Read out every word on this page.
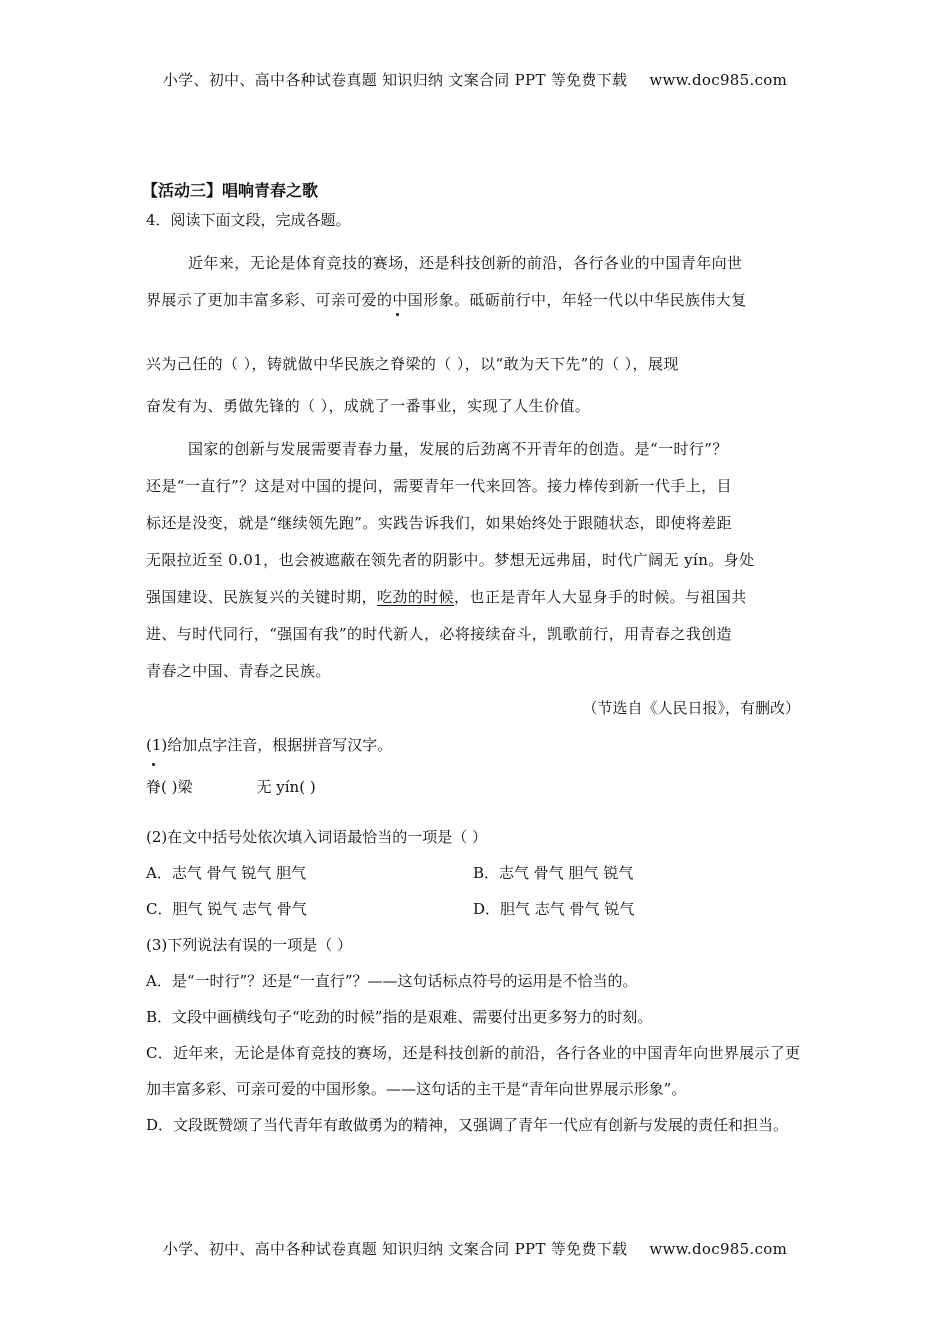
小学、初中、高中各种试卷真题 知识归纳 文案合同 PPT 等免费下载 www.doc985.com
【活动三】唱响青春之歌
4．阅读下面文段，完成各题。
近年来，无论是体育竞技的赛场，还是科技创新的前沿，各行各业的中国青年向世
界展示了更加丰富多彩、可亲可爱的中国形象。砥砺前行中，年轻一代以中华民族伟大复
兴为己任的（ ），铸就做中华民族之脊梁的（ ），以“敢为天下先”的（ ），展现
奋发有为、勇做先锋的（ ），成就了一番事业，实现了人生价值。
国家的创新与发展需要青春力量，发展的后劲离不开青年的创造。是“一时行”？
还是“一直行”？这是对中国的提问，需要青年一代来回答。接力棒传到新一代手上，目
标还是没变，就是“继续领先跑”。实践告诉我们，如果始终处于跟随状态，即使将差距
无限拉近至 0.01，也会被遮蔽在领先者的阴影中。梦想无远弗届，时代广阔无 yín。身处
强国建设、民族复兴的关键时期，吃劲的时候，也正是青年人大显身手的时候。与祖国共
进、与时代同行，“强国有我”的时代新人，必将接续奋斗，凯歌前行，用青春之我创造
青春之中国、青春之民族。
（节选自《人民日报》，有删改）
(1)给加点字注音，根据拼音写汉字。
脊( )梁	无 yín( )
(2)在文中括号处依次填入词语最恰当的一项是（ ）
A．志气 骨气 锐气 胆气	B．志气 骨气 胆气 锐气
C．胆气 锐气 志气 骨气	D．胆气 志气 骨气 锐气
(3)下列说法有误的一项是（ ）
A．是“一时行”？还是“一直行”？——这句话标点符号的运用是不恰当的。
B．文段中画横线句子“吃劲的时候”指的是艰难、需要付出更多努力的时刻。
C．近年来，无论是体育竞技的赛场，还是科技创新的前沿，各行各业的中国青年向世界展示了更加丰富多彩、可亲可爱的中国形象。——这句话的主干是“青年向世界展示形象”。
D．文段既赞颂了当代青年有敢做勇为的精神，又强调了青年一代应有创新与发展的责任和担当。
小学、初中、高中各种试卷真题 知识归纳 文案合同 PPT 等免费下载 www.doc985.com
